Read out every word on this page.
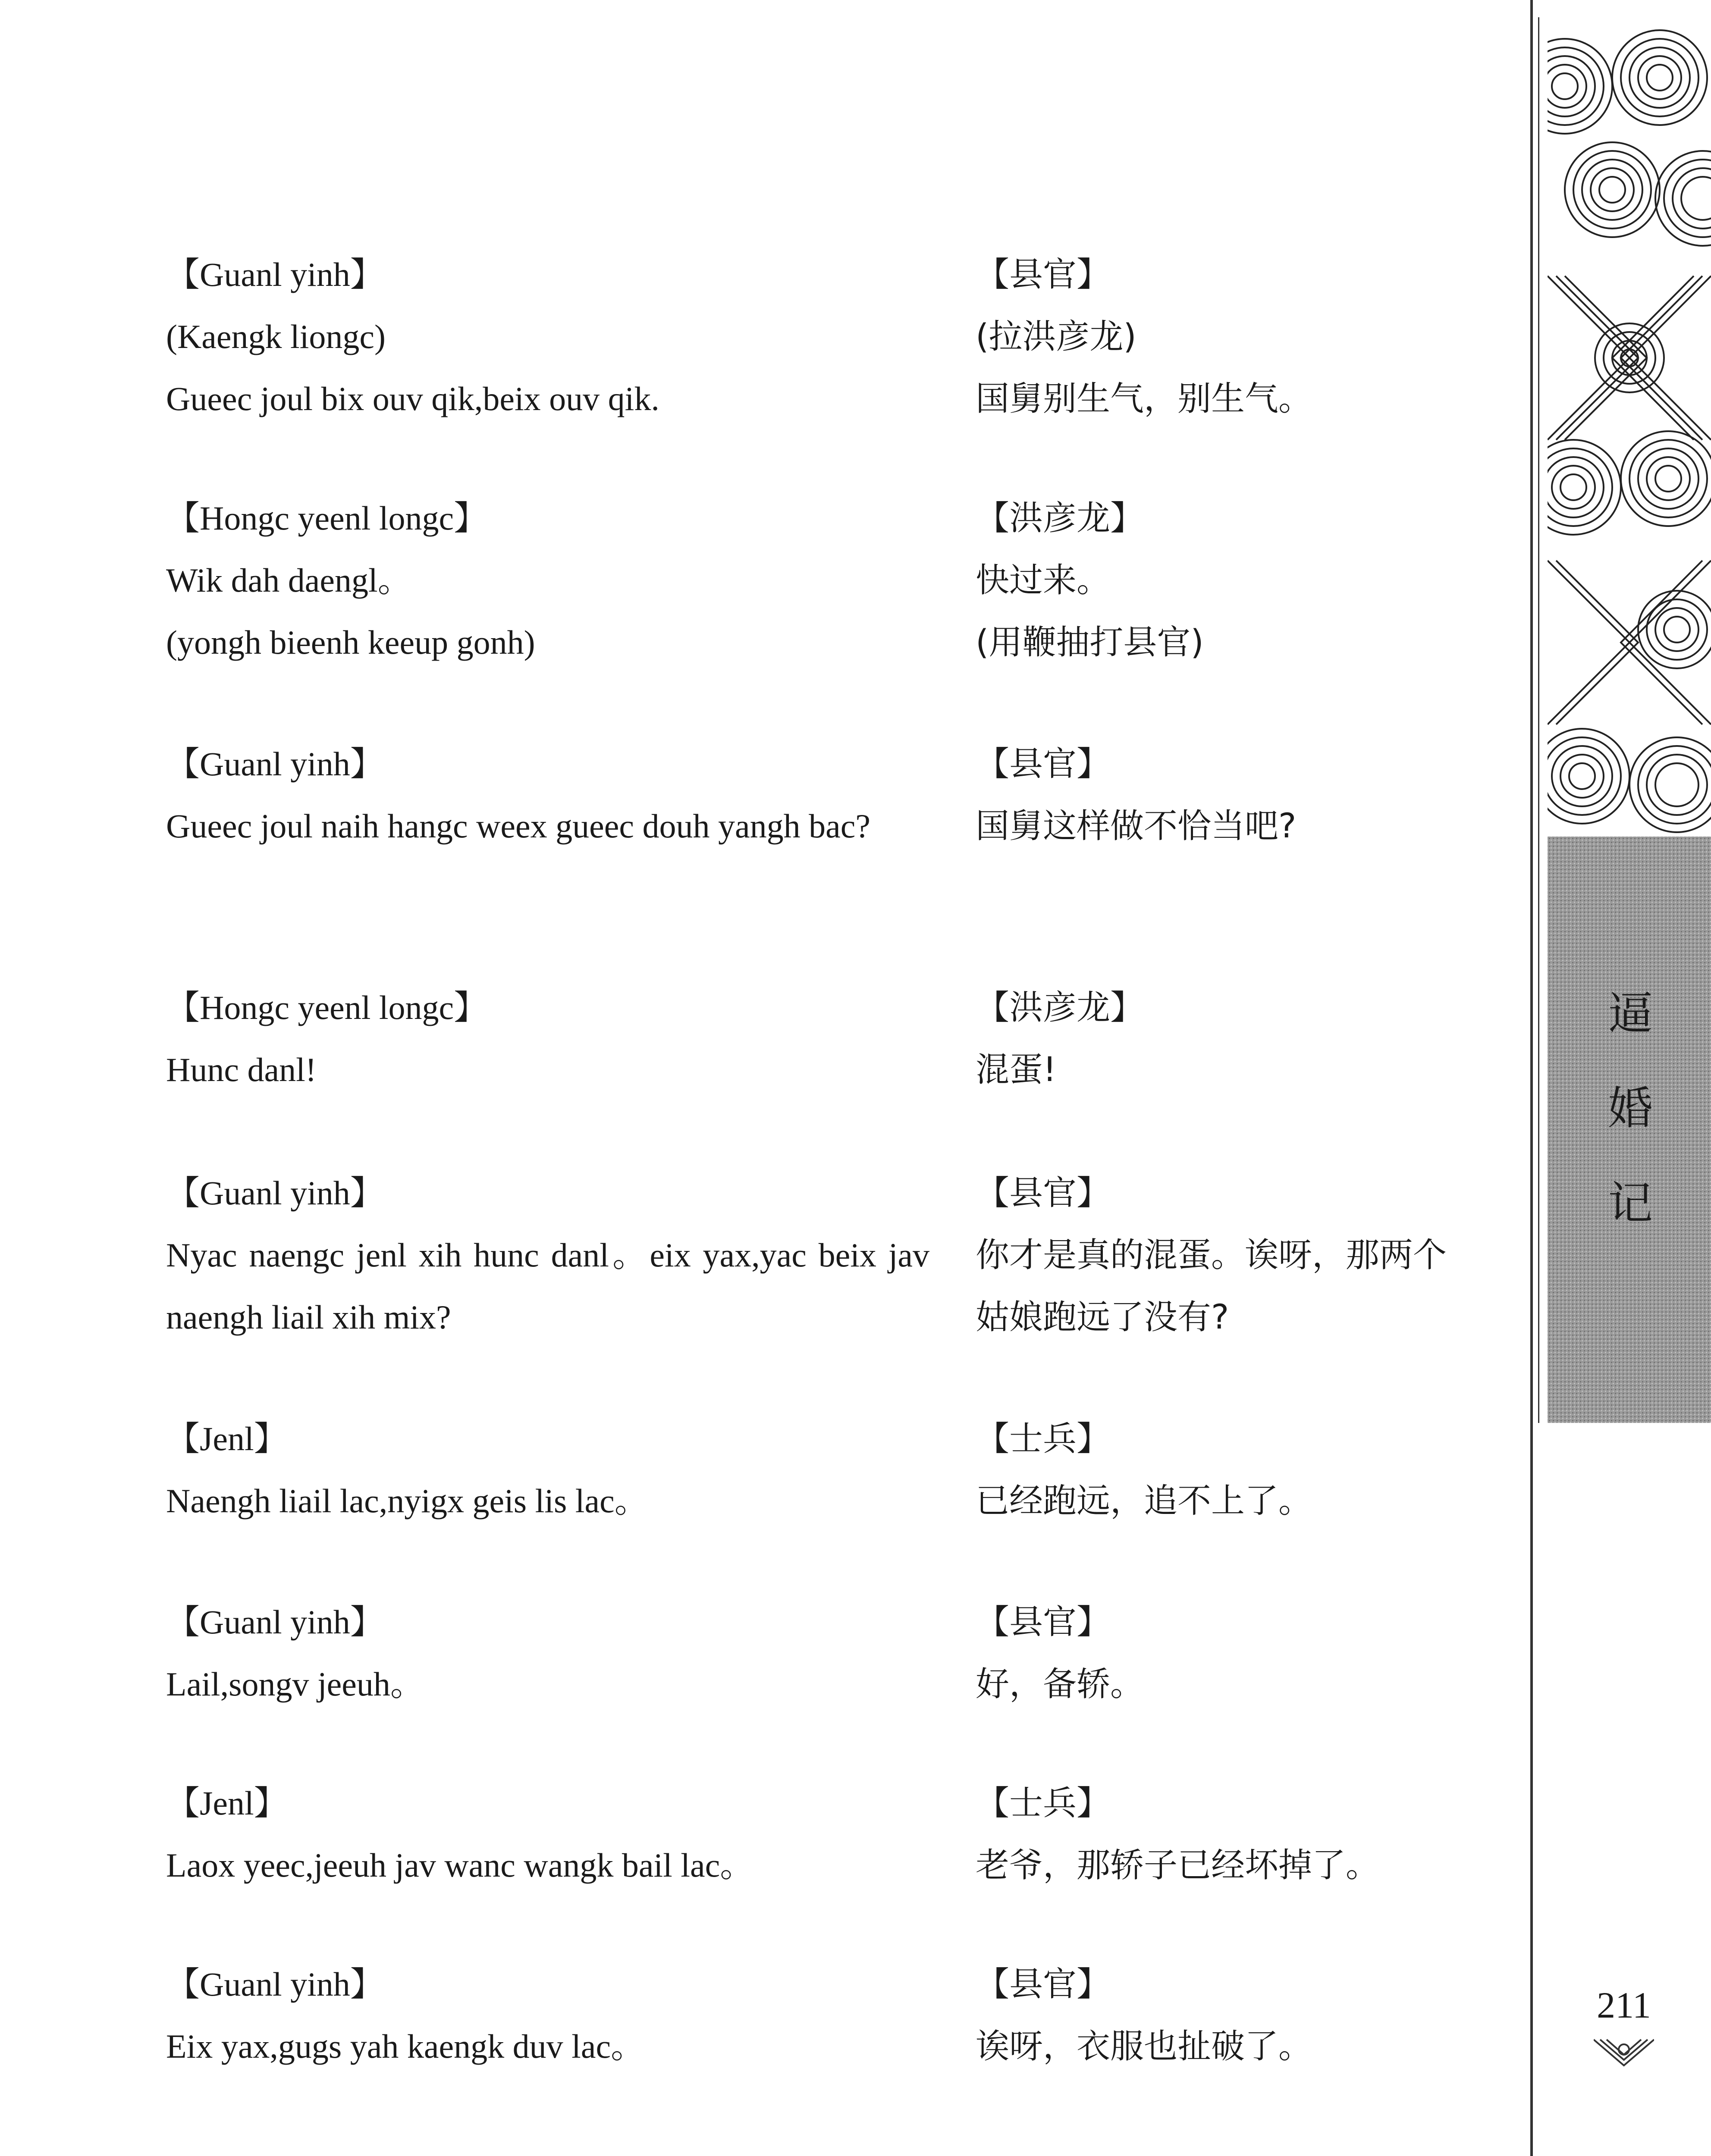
【Guanl yinh】
(Kaengk liongc)
Gueec joul bix ouv qik,beix ouv qik.
【Hongc yeenl longc】
Wik dah daengl。
(yongh bieenh keeup gonh)
【Guanl yinh】
Gueec joul naih hangc weex gueec douh yangh bac?
【Hongc yeenl longc】
Hunc danl!
【Guanl yinh】
Nyac naengc jenl xih hunc danl。eix yax,yac beix jav naengh liail xih mix?
【Jenl】
Naengh liail lac,nyigx geis lis lac。
【Guanl yinh】
Lail,songv jeeuh。
【Jenl】
Laox yeec,jeeuh jav wanc wangk bail lac。
【Guanl yinh】
Eix yax,gugs yah kaengk duv lac。
【县官】
(拉洪彦龙)
国舅别生气，别生气。
【洪彦龙】
快过来。
(用鞭抽打县官)
【县官】
国舅这样做不恰当吧?
【洪彦龙】
混蛋!
【县官】
你才是真的混蛋。诶呀，那两个姑娘跑远了没有?
【士兵】
已经跑远，追不上了。
【县官】
好，备轿。
【士兵】
老爷，那轿子已经坏掉了。
【县官】
诶呀，衣服也扯破了。
逼
婚
记
211
